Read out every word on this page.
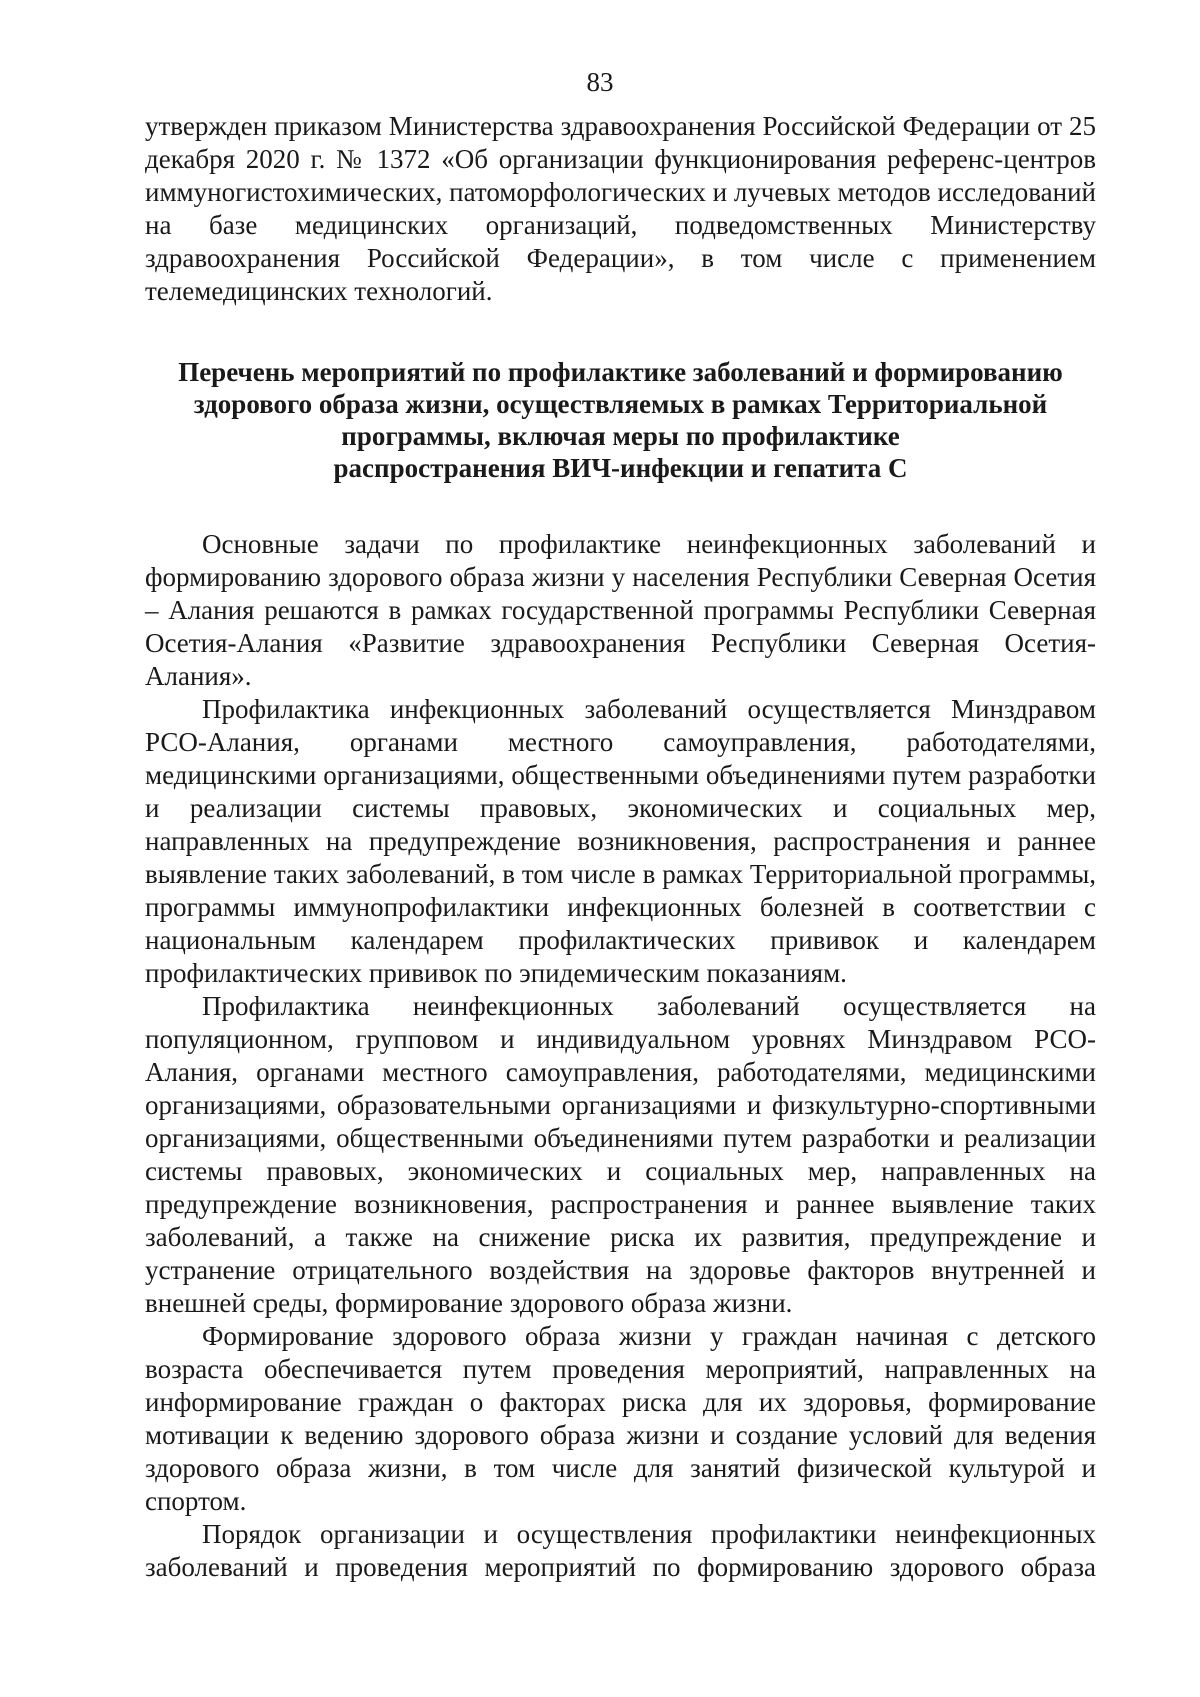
83

утвержден приказом Министерства здравоохранения Российской Федерации от 25 декабря 2020 г. № 1372 «Об организации функционирования референс-центров иммуногистохимических, патоморфологических и лучевых методов исследований на базе медицинских организаций, подведомственных Министерству здравоохранения Российской Федерации», в том числе с применением телемедицинских технологий.

Перечень мероприятий по профилактике заболеваний и формированию
здорового образа жизни, осуществляемых в рамках Территориальной
программы, включая меры по профилактике
распространения ВИЧ-инфекции и гепатита С

Основные задачи по профилактике неинфекционных заболеваний и формированию здорового образа жизни у населения Республики Северная Осетия – Алания решаются в рамках государственной программы Республики Северная Осетия-Алания «Развитие здравоохранения Республики Северная Осетия-Алания».

Профилактика инфекционных заболеваний осуществляется Минздравом РСО-Алания, органами местного самоуправления, работодателями, медицинскими организациями, общественными объединениями путем разработки и реализации системы правовых, экономических и социальных мер, направленных на предупреждение возникновения, распространения и раннее выявление таких заболеваний, в том числе в рамках Территориальной программы, программы иммунопрофилактики инфекционных болезней в соответствии с национальным календарем профилактических прививок и календарем профилактических прививок по эпидемическим показаниям.

Профилактика неинфекционных заболеваний осуществляется на популяционном, групповом и индивидуальном уровнях Минздравом РСО-Алания, органами местного самоуправления, работодателями, медицинскими организациями, образовательными организациями и физкультурно-спортивными организациями, общественными объединениями путем разработки и реализации системы правовых, экономических и социальных мер, направленных на предупреждение возникновения, распространения и раннее выявление таких заболеваний, а также на снижение риска их развития, предупреждение и устранение отрицательного воздействия на здоровье факторов внутренней и внешней среды, формирование здорового образа жизни.

Формирование здорового образа жизни у граждан начиная с детского возраста обеспечивается путем проведения мероприятий, направленных на информирование граждан о факторах риска для их здоровья, формирование мотивации к ведению здорового образа жизни и создание условий для ведения здорового образа жизни, в том числе для занятий физической культурой и спортом.

Порядок организации и осуществления профилактики неинфекционных заболеваний и проведения мероприятий по формированию здорового образа
